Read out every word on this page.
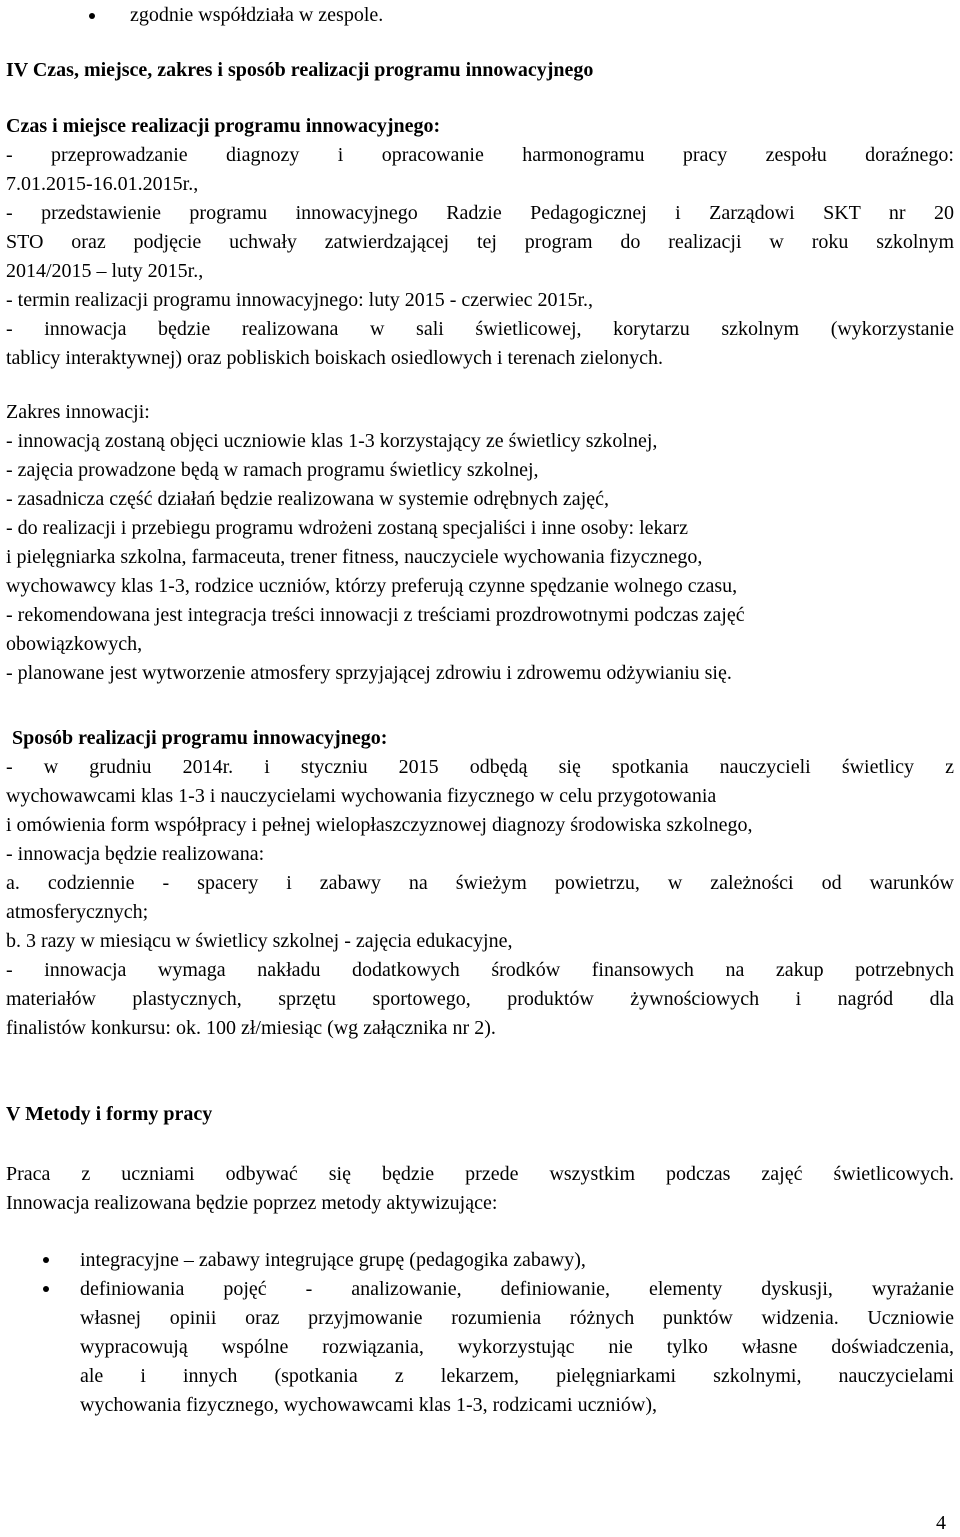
zgodnie współdziała w zespole.
IV Czas, miejsce, zakres i sposób realizacji programu innowacyjnego
Czas i miejsce realizacji programu innowacyjnego:
- przeprowadzanie diagnozy i opracowanie harmonogramu pracy zespołu doraźnego:
7.01.2015-16.01.2015r.,
- przedstawienie programu innowacyjnego Radzie Pedagogicznej i Zarządowi SKT nr 20
STO oraz podjęcie uchwały zatwierdzającej tej program do realizacji w roku szkolnym
2014/2015 – luty 2015r.,
- termin realizacji programu innowacyjnego: luty 2015 - czerwiec 2015r.,
- innowacja będzie realizowana w sali świetlicowej, korytarzu szkolnym (wykorzystanie
tablicy interaktywnej) oraz pobliskich boiskach osiedlowych i terenach zielonych.
Zakres innowacji:
- innowacją zostaną objęci uczniowie klas 1-3 korzystający ze świetlicy szkolnej,
- zajęcia prowadzone będą w ramach programu świetlicy szkolnej,
- zasadnicza część działań będzie realizowana w systemie odrębnych zajęć,
- do realizacji i przebiegu programu wdrożeni zostaną specjaliści i inne osoby: lekarz
i pielęgniarka szkolna, farmaceuta, trener fitness, nauczyciele wychowania fizycznego,
wychowawcy klas 1-3, rodzice uczniów, którzy preferują czynne spędzanie wolnego czasu,
- rekomendowana jest integracja treści innowacji z treściami prozdrowotnymi podczas zajęć
obowiązkowych,
- planowane jest wytworzenie atmosfery sprzyjającej zdrowiu i zdrowemu odżywianiu się.
Sposób realizacji programu innowacyjnego:
- w grudniu 2014r. i styczniu 2015 odbędą się spotkania nauczycieli świetlicy z
wychowawcami klas 1-3 i nauczycielami wychowania fizycznego w celu przygotowania
i omówienia form współpracy i pełnej wielopłaszczyznowej diagnozy środowiska szkolnego,
- innowacja będzie realizowana:
a. codziennie - spacery i zabawy na świeżym powietrzu, w zależności od warunków
atmosferycznych;
b. 3 razy w miesiącu w świetlicy szkolnej - zajęcia edukacyjne,
- innowacja wymaga nakładu dodatkowych środków finansowych na zakup potrzebnych
materiałów plastycznych, sprzętu sportowego, produktów żywnościowych i nagród dla
finalistów konkursu: ok. 100 zł/miesiąc (wg załącznika nr 2).
V Metody i formy pracy
Praca z uczniami odbywać się będzie przede wszystkim podczas zajęć świetlicowych.
Innowacja realizowana będzie poprzez metody aktywizujące:
integracyjne – zabawy integrujące grupę (pedagogika zabawy),
definiowania pojęć - analizowanie, definiowanie, elementy dyskusji, wyrażanie
własnej opinii oraz przyjmowanie rozumienia różnych punktów widzenia. Uczniowie
wypracowują wspólne rozwiązania, wykorzystując nie tylko własne doświadczenia,
ale i innych (spotkania z lekarzem, pielęgniarkami szkolnymi, nauczycielami
wychowania fizycznego, wychowawcami klas 1-3, rodzicami uczniów),
4
